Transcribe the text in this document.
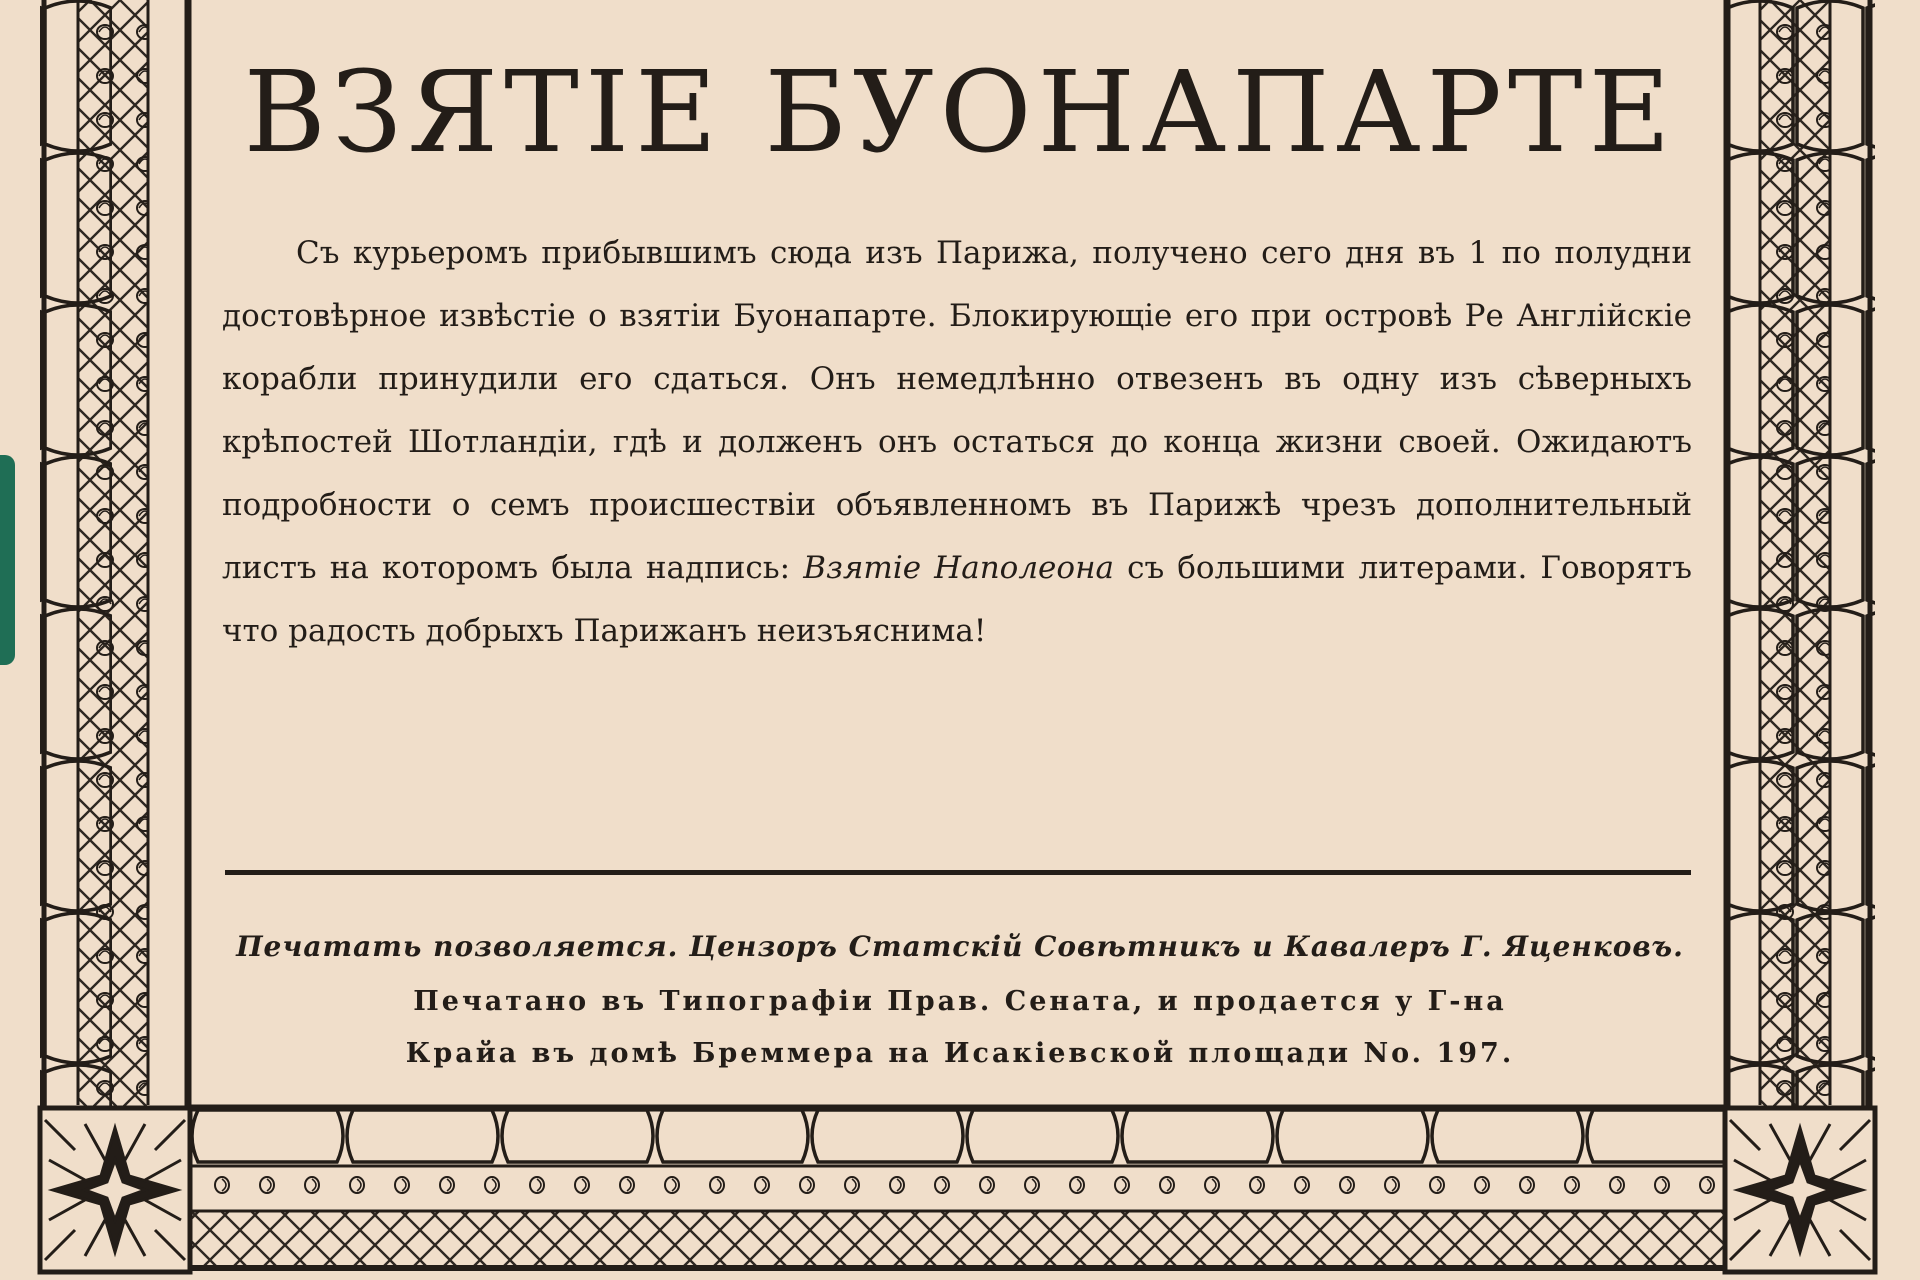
ВЗЯТІЕ БУОНАПАРТЕ

Съ курьеромъ прибывшимъ сюда изъ Парижа, получено сего дня въ 1 по полудни достовѣрное извѣстіе о взятіи Буонапарте. Блокирующіе его при островѣ Ре Англійскіе корабли принудили его сдаться. Онъ немедлѣнно отвезенъ въ одну изъ сѣверныхъ крѣпостей Шотландіи, гдѣ и долженъ онъ остаться до конца жизни своей. Ожидаютъ подробности о семъ происшествіи объявленномъ въ Парижѣ чрезъ дополнительный листъ на которомъ была надпись: Взятіе Наполеона съ большими литерами. Говорятъ что радость добрыхъ Парижанъ неизъяснима!

Печатать позволяется. Цензоръ Статскій Совѣтникъ и Кавалеръ Г. Яценковъ.
Печатано въ Типографіи Прав. Сената, и продается у Г-на
Крайа въ домѣ Бреммера на Исакіевской площади No. 197.
